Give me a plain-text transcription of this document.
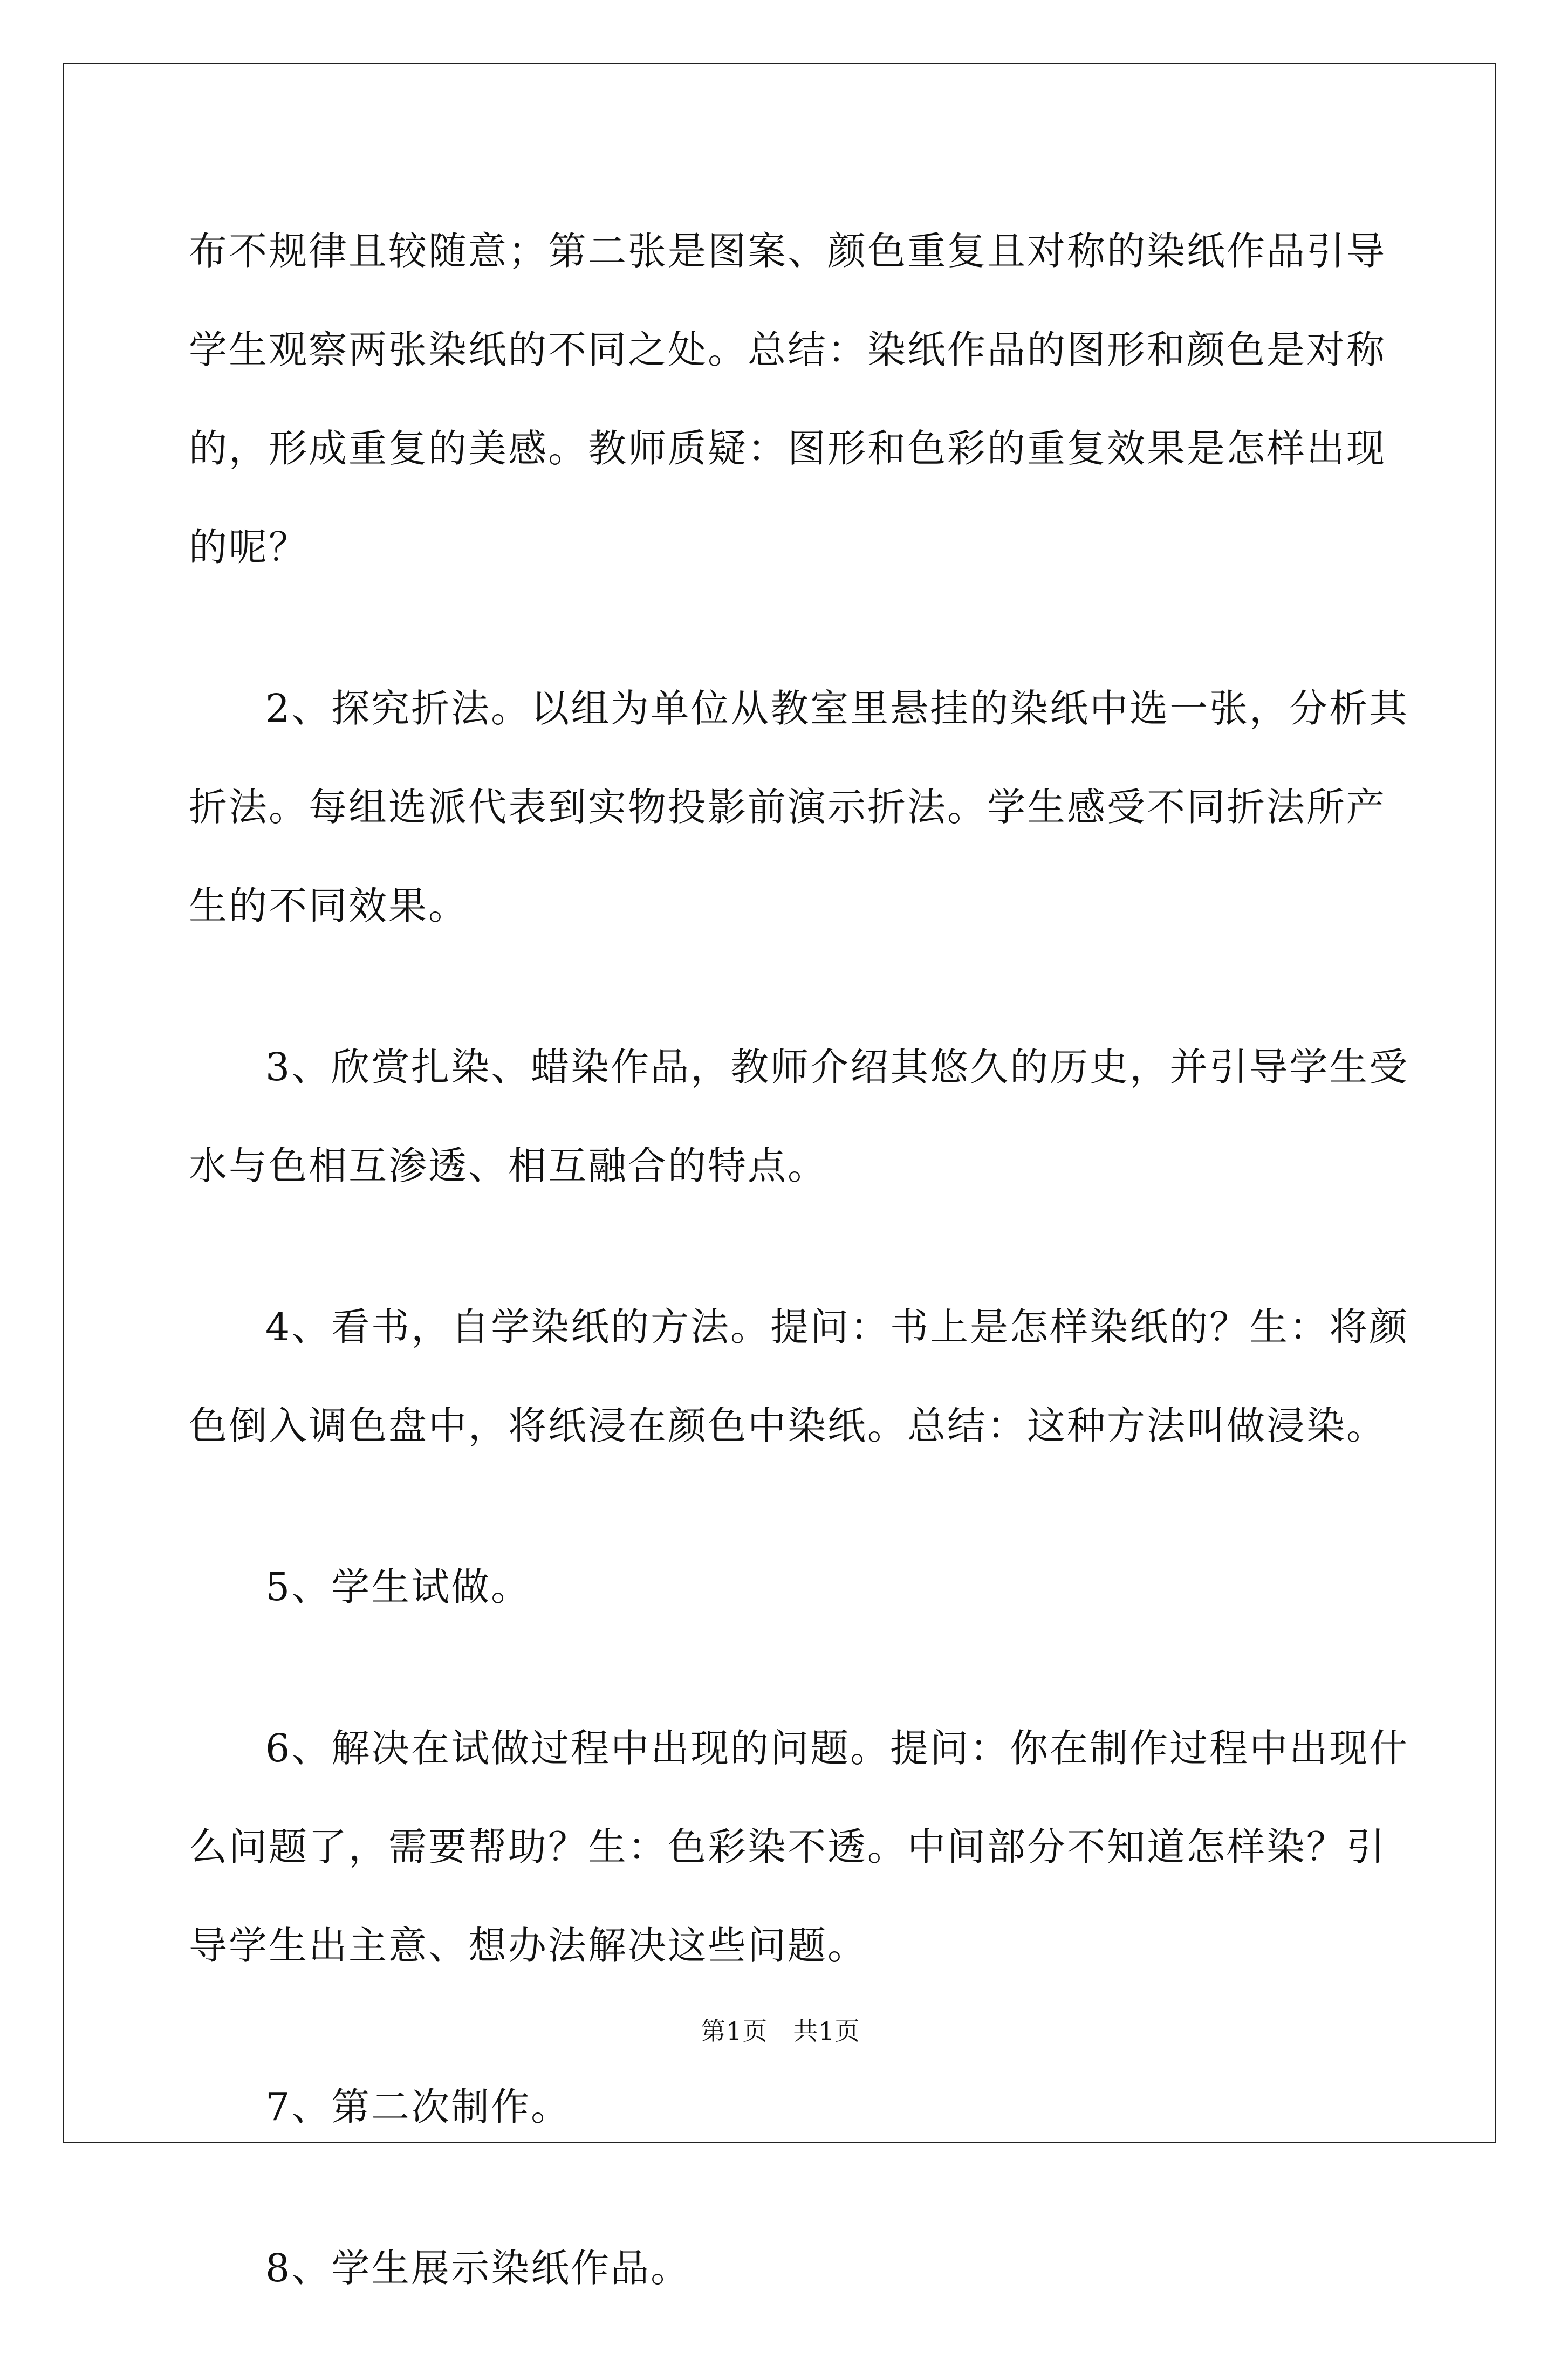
布不规律且较随意；第二张是图案、颜色重复且对称的染纸作品引导
学生观察两张染纸的不同之处。总结：染纸作品的图形和颜色是对称
的，形成重复的美感。教师质疑：图形和色彩的重复效果是怎样出现
的呢？
2、探究折法。以组为单位从教室里悬挂的染纸中选一张，分析其
折法。每组选派代表到实物投影前演示折法。学生感受不同折法所产
生的不同效果。
3、欣赏扎染、蜡染作品，教师介绍其悠久的历史，并引导学生受
水与色相互渗透、相互融合的特点。
4、看书，自学染纸的方法。提问：书上是怎样染纸的？生：将颜
色倒入调色盘中，将纸浸在颜色中染纸。总结：这种方法叫做浸染。
5、学生试做。
6、解决在试做过程中出现的问题。提问：你在制作过程中出现什
么问题了，需要帮助？生：色彩染不透。中间部分不知道怎样染？引
导学生出主意、想办法解决这些问题。
7、第二次制作。
8、学生展示染纸作品。
第1页　共1页
